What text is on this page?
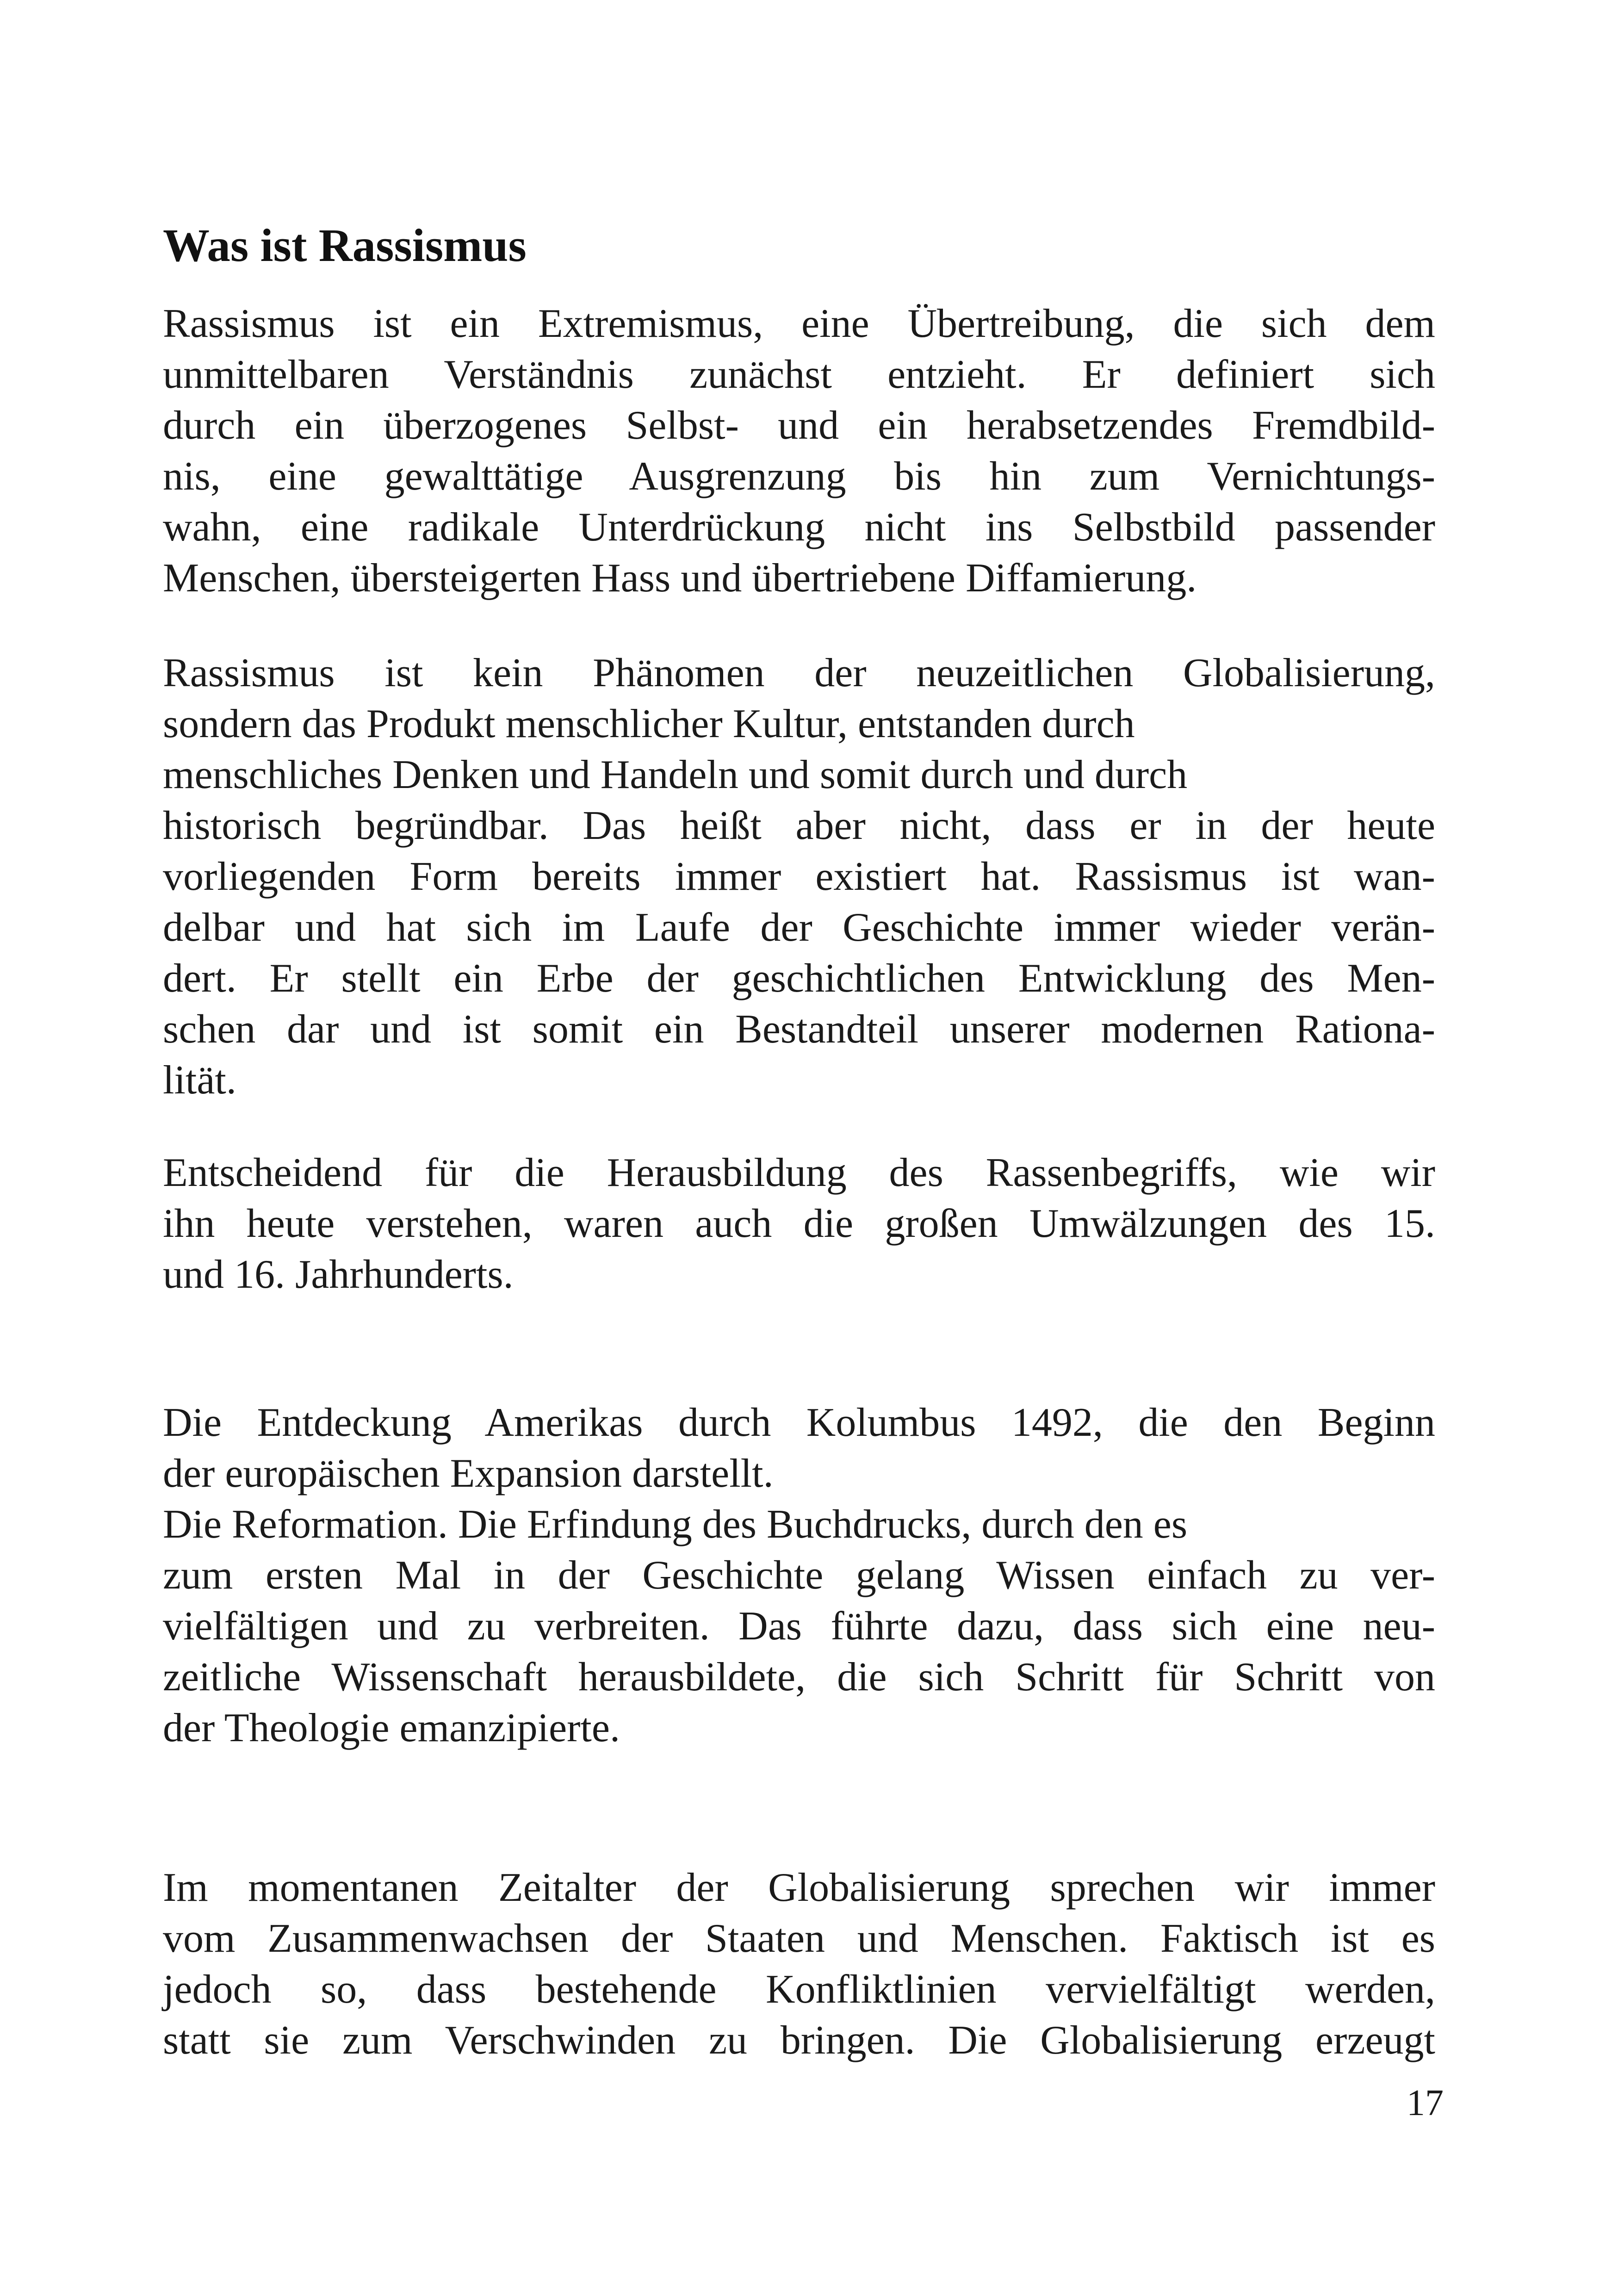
Was ist Rassismus
Rassismus ist ein Extremismus, eine Übertreibung, die sich dem
unmittelbaren Verständnis zunächst entzieht. Er definiert sich
durch ein überzogenes Selbst- und ein herabsetzendes Fremdbild-
nis, eine gewalttätige Ausgrenzung bis hin zum Vernichtungs-
wahn, eine radikale Unterdrückung nicht ins Selbstbild passender
Menschen, übersteigerten Hass und übertriebene Diffamierung.
Rassismus ist kein Phänomen der neuzeitlichen Globalisierung,
sondern das Produkt menschlicher Kultur, entstanden durch
menschliches Denken und Handeln und somit durch und durch
historisch begründbar. Das heißt aber nicht, dass er in der heute
vorliegenden Form bereits immer existiert hat. Rassismus ist wan-
delbar und hat sich im Laufe der Geschichte immer wieder verän-
dert. Er stellt ein Erbe der geschichtlichen Entwicklung des Men-
schen dar und ist somit ein Bestandteil unserer modernen Rationa-
lität.
Entscheidend für die Herausbildung des Rassenbegriffs, wie wir
ihn heute verstehen, waren auch die großen Umwälzungen des 15.
und 16. Jahrhunderts.
Die Entdeckung Amerikas durch Kolumbus 1492, die den Beginn
der europäischen Expansion darstellt.
Die Reformation. Die Erfindung des Buchdrucks, durch den es
zum ersten Mal in der Geschichte gelang Wissen einfach zu ver-
vielfältigen und zu verbreiten. Das führte dazu, dass sich eine neu-
zeitliche Wissenschaft herausbildete, die sich Schritt für Schritt von
der Theologie emanzipierte.
Im momentanen Zeitalter der Globalisierung sprechen wir immer
vom Zusammenwachsen der Staaten und Menschen. Faktisch ist es
jedoch so, dass bestehende Konfliktlinien vervielfältigt werden,
statt sie zum Verschwinden zu bringen. Die Globalisierung erzeugt
17
